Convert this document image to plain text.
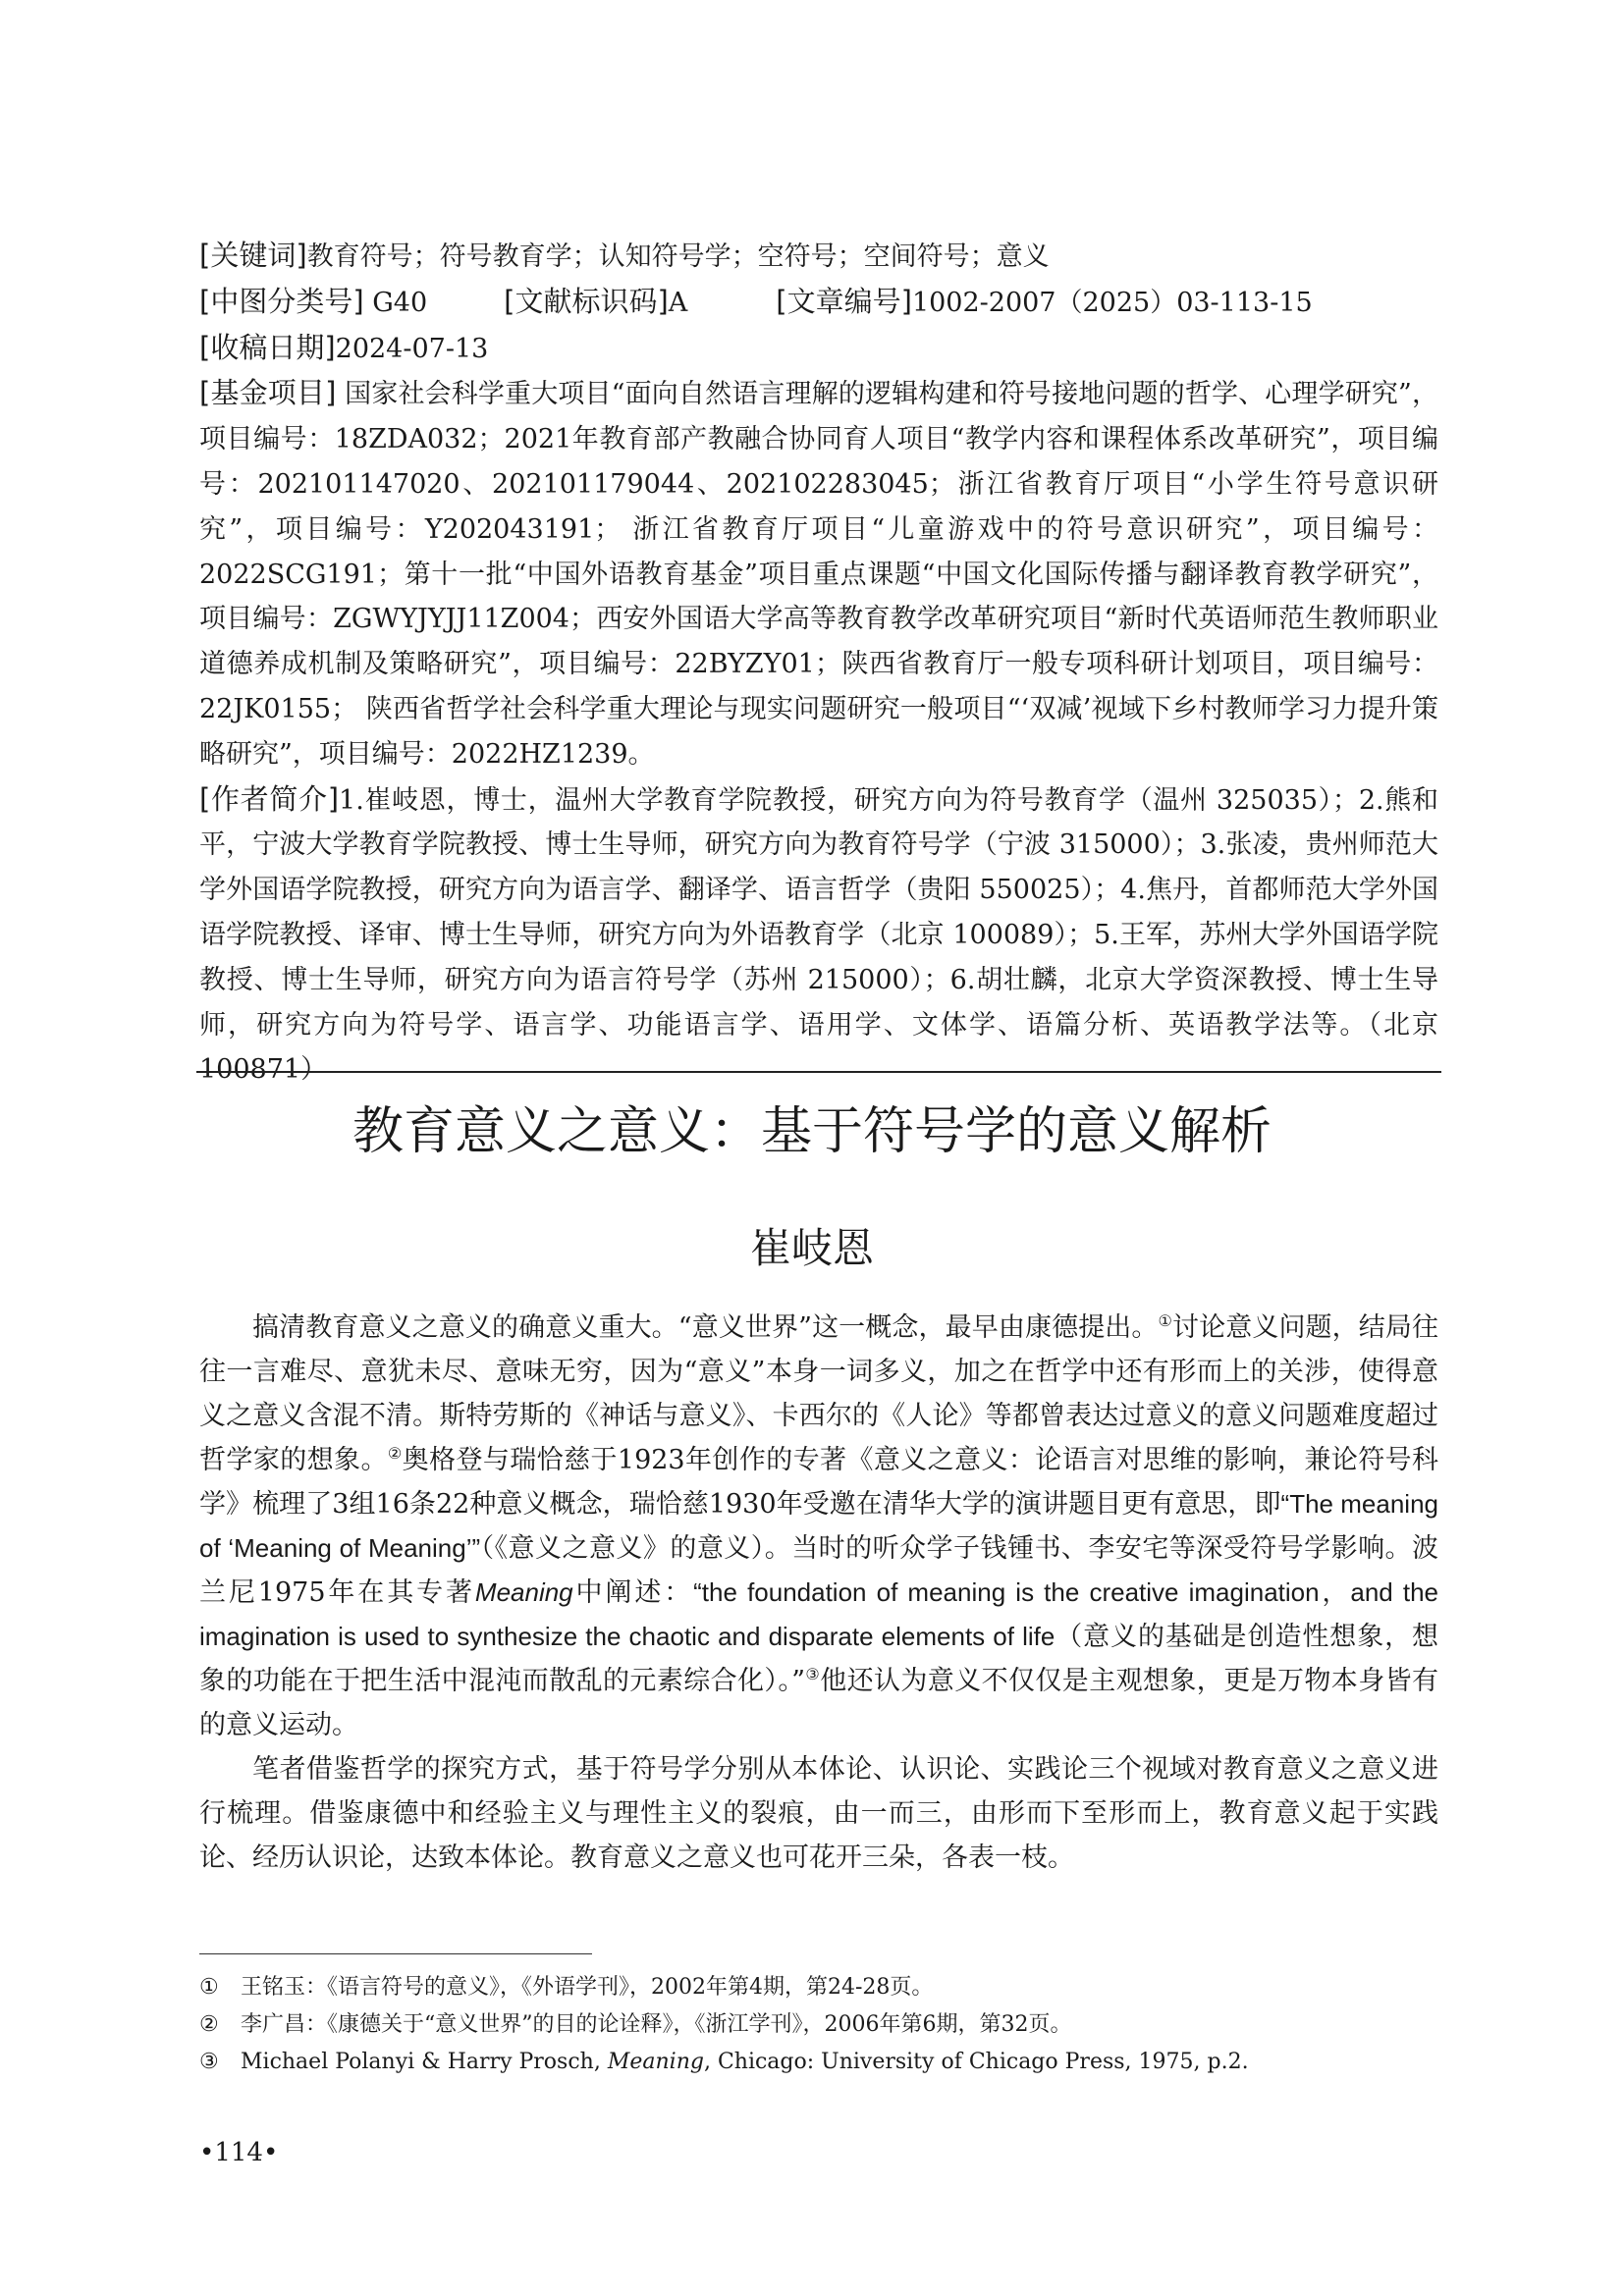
[关键词]教育符号；符号教育学；认知符号学；空符号；空间符号；意义

[中图分类号] G40	[文献标识码]A	[文章编号]1002-2007（2025）03-113-15

[收稿日期]2024-07-13

[基金项目] 国家社会科学重大项目“面向自然语言理解的逻辑构建和符号接地问题的哲学、心理学研究”，项目编号：18ZDA032；2021年教育部产教融合协同育人项目“教学内容和课程体系改革研究”，项目编号：202101147020、202101179044、202102283045；浙江省教育厅项目“小学生符号意识研究”，项目编号：Y202043191； 浙江省教育厅项目“儿童游戏中的符号意识研究”，项目编号：2022SCG191；第十一批“中国外语教育基金”项目重点课题“中国文化国际传播与翻译教育教学研究”，项目编号：ZGWYJYJJ11Z004；西安外国语大学高等教育教学改革研究项目“新时代英语师范生教师职业道德养成机制及策略研究”，项目编号：22BYZY01；陕西省教育厅一般专项科研计划项目，项目编号：22JK0155； 陕西省哲学社会科学重大理论与现实问题研究一般项目“‘双减’视域下乡村教师学习力提升策略研究”，项目编号：2022HZ1239。

[作者简介]1.崔岐恩，博士，温州大学教育学院教授，研究方向为符号教育学（温州 325035）；2.熊和平，宁波大学教育学院教授、博士生导师，研究方向为教育符号学（宁波 315000）；3.张凌，贵州师范大学外国语学院教授，研究方向为语言学、翻译学、语言哲学（贵阳 550025）；4.焦丹，首都师范大学外国语学院教授、译审、博士生导师，研究方向为外语教育学（北京 100089）；5.王军，苏州大学外国语学院教授、博士生导师，研究方向为语言符号学（苏州 215000）；6.胡壮麟，北京大学资深教授、博士生导师，研究方向为符号学、语言学、功能语言学、语用学、文体学、语篇分析、英语教学法等。（北京 100871）

教育意义之意义：基于符号学的意义解析
崔岐恩

搞清教育意义之意义的确意义重大。“意义世界”这一概念，最早由康德提出。①讨论意义问题，结局往往一言难尽、意犹未尽、意味无穷，因为“意义”本身一词多义，加之在哲学中还有形而上的关涉，使得意义之意义含混不清。斯特劳斯的《神话与意义》、卡西尔的《人论》等都曾表达过意义的意义问题难度超过哲学家的想象。②奥格登与瑞恰慈于1923年创作的专著《意义之意义：论语言对思维的影响，兼论符号科学》梳理了3组16条22种意义概念，瑞恰慈1930年受邀在清华大学的演讲题目更有意思，即“The meaning of ‘Meaning of Meaning’”（《意义之意义》的意义）。当时的听众学子钱锺书、李安宅等深受符号学影响。波兰尼1975年在其专著Meaning中阐述：“the foundation of meaning is the creative imagination，and the imagination is used to synthesize the chaotic and disparate elements of life（意义的基础是创造性想象，想象的功能在于把生活中混沌而散乱的元素综合化）。”③他还认为意义不仅仅是主观想象，更是万物本身皆有的意义运动。

笔者借鉴哲学的探究方式，基于符号学分别从本体论、认识论、实践论三个视域对教育意义之意义进行梳理。借鉴康德中和经验主义与理性主义的裂痕，由一而三，由形而下至形而上，教育意义起于实践论、经历认识论，达致本体论。教育意义之意义也可花开三朵，各表一枝。

①	王铭玉：《语言符号的意义》，《外语学刊》，2002年第4期，第24-28页。
②	李广昌：《康德关于“意义世界”的目的论诠释》，《浙江学刊》，2006年第6期，第32页。
③	Michael Polanyi & Harry Prosch, Meaning, Chicago: University of Chicago Press, 1975, p.2.
•114•
